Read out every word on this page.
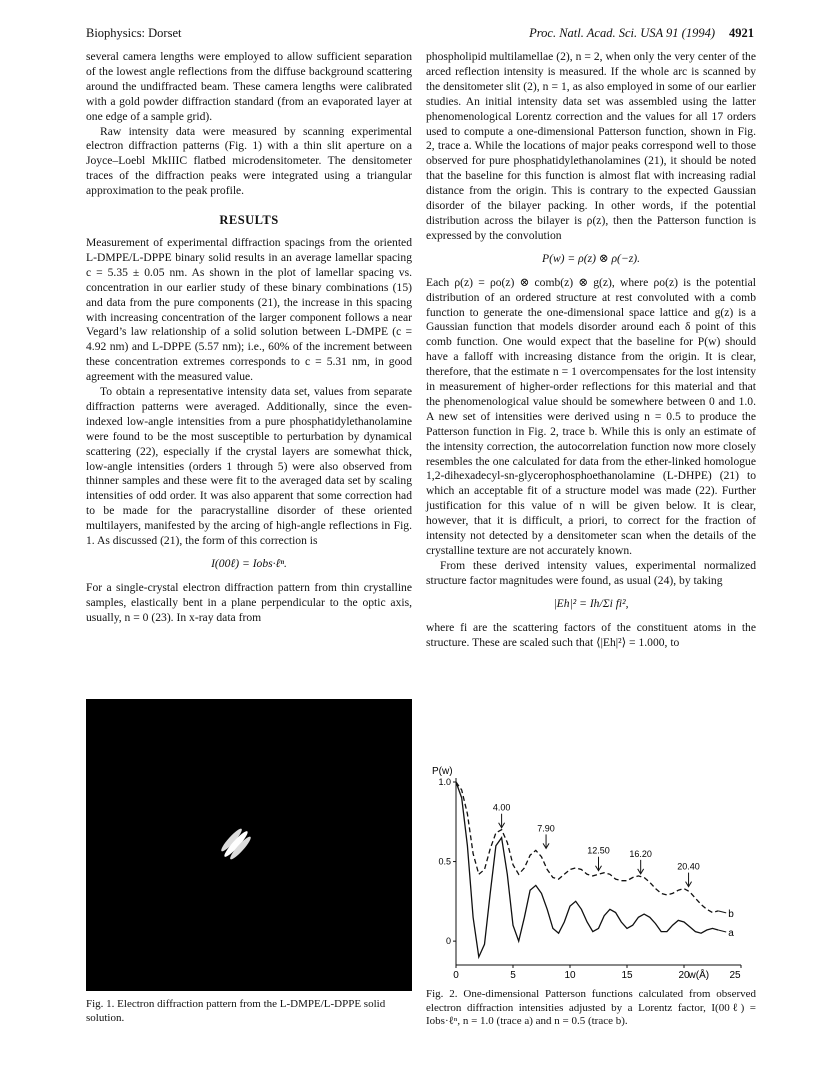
Biophysics: Dorset	Proc. Natl. Acad. Sci. USA 91 (1994) 4921

several camera lengths were employed to allow sufficient separation of the lowest angle reflections from the diffuse background scattering around the undiffracted beam. These camera lengths were calibrated with a gold powder diffraction standard (from an evaporated layer at one edge of a sample grid).

Raw intensity data were measured by scanning experimental electron diffraction patterns (Fig. 1) with a thin slit aperture on a Joyce–Loebl MkIIIC flatbed microdensitometer. The densitometer traces of the diffraction peaks were integrated using a triangular approximation to the peak profile.

RESULTS

Measurement of experimental diffraction spacings from the oriented L-DMPE/L-DPPE binary solid results in an average lamellar spacing c = 5.35 ± 0.05 nm. As shown in the plot of lamellar spacing vs. concentration in our earlier study of these binary combinations (15) and data from the pure components (21), the increase in this spacing with increasing concentration of the larger component follows a near Vegard’s law relationship of a solid solution between L-DMPE (c = 4.92 nm) and L-DPPE (5.57 nm); i.e., 60% of the increment between these concentration extremes corresponds to c = 5.31 nm, in good agreement with the measured value.

To obtain a representative intensity data set, values from separate diffraction patterns were averaged. Additionally, since the even-indexed low-angle intensities from a pure phosphatidylethanolamine were found to be the most susceptible to perturbation by dynamical scattering (22), especially if the crystal layers are somewhat thick, low-angle intensities (orders 1 through 5) were also observed from thinner samples and these were fit to the averaged data set by scaling intensities of odd order. It was also apparent that some correction had to be made for the paracrystalline disorder of these oriented multilayers, manifested by the arcing of high-angle reflections in Fig. 1. As discussed (21), the form of this correction is

I(00ℓ) = Iobs·ℓⁿ.

For a single-crystal electron diffraction pattern from thin crystalline samples, elastically bent in a plane perpendicular to the optic axis, usually, n = 0 (23). In x-ray data from

Fig. 1. Electron diffraction pattern from the L-DMPE/L-DPPE solid solution.
P(w)
w(Å)
0	5	10	15	20	25
0
0.5
1.0
4.00
7.90
12.50 16.20
20.40
a
b
Fig. 2. One-dimensional Patterson functions calculated from observed electron diffraction intensities adjusted by a Lorentz factor, I(00ℓ) = Iobs·ℓⁿ, n = 1.0 (trace a) and n = 0.5 (trace b).

phospholipid multilamellae (2), n = 2, when only the very center of the arced reflection intensity is measured. If the whole arc is scanned by the densitometer slit (2), n = 1, as also employed in some of our earlier studies. An initial intensity data set was assembled using the latter phenomenological Lorentz correction and the values for all 17 orders used to compute a one-dimensional Patterson function, shown in Fig. 2, trace a. While the locations of major peaks correspond well to those observed for pure phosphatidylethanolamines (21), it should be noted that the baseline for this function is almost flat with increasing radial distance from the origin. This is contrary to the expected Gaussian disorder of the bilayer packing. In other words, if the potential distribution across the bilayer is ρ(z), then the Patterson function is expressed by the convolution

P(w) = ρ(z) ⊗ ρ(−z).

Each ρ(z) = ρo(z) ⊗ comb(z) ⊗ g(z), where ρo(z) is the potential distribution of an ordered structure at rest convoluted with a comb function to generate the one-dimensional space lattice and g(z) is a Gaussian function that models disorder around each δ point of this comb function. One would expect that the baseline for P(w) should have a falloff with increasing distance from the origin. It is clear, therefore, that the estimate n = 1 overcompensates for the lost intensity in measurement of higher-order reflections for this material and that the phenomenological value should be somewhere between 0 and 1.0. A new set of intensities were derived using n = 0.5 to produce the Patterson function in Fig. 2, trace b. While this is only an estimate of the intensity correction, the autocorrelation function now more closely resembles the one calculated for data from the ether-linked homologue 1,2-dihexadecyl-sn-glycerophosphoethanolamine (L-DHPE) (21) to which an acceptable fit of a structure model was made (22). Further justification for this value of n will be given below. It is clear, however, that it is difficult, a priori, to correct for the fraction of intensity not detected by a densitometer scan when the details of the crystalline texture are not accurately known.

From these derived intensity values, experimental normalized structure factor magnitudes were found, as usual (24), by taking

|Eh|² = Ih/Σi fi²,

where fi are the scattering factors of the constituent atoms in the structure. These are scaled such that ⟨|Eh|²⟩ = 1.000, to
